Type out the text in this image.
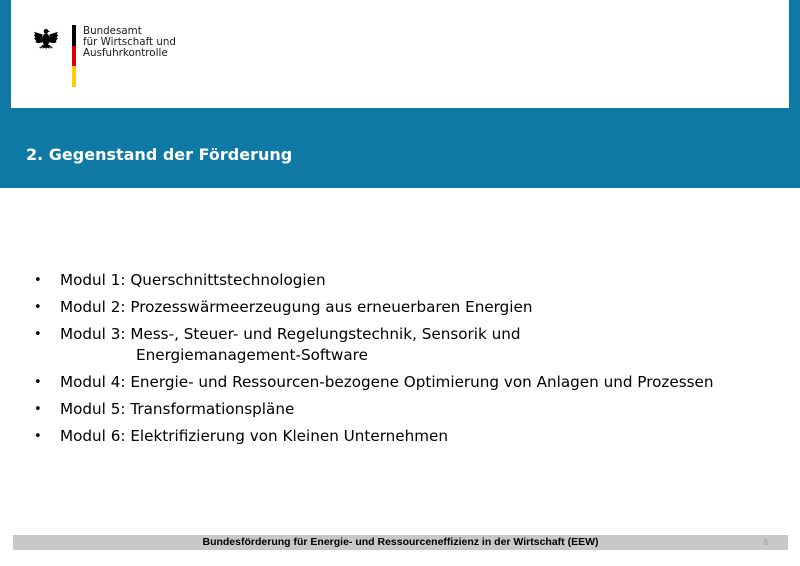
Bundesamt
für Wirtschaft und
Ausfuhrkontrolle
2. Gegenstand der Förderung
• Modul 1: Querschnittstechnologien
• Modul 2: Prozesswärmeerzeugung aus erneuerbaren Energien
• Modul 3: Mess-, Steuer- und Regelungstechnik, Sensorik und
Energiemanagement-Software
• Modul 4: Energie- und Ressourcen-bezogene Optimierung von Anlagen und Prozessen
• Modul 5: Transformationspläne
• Modul 6: Elektrifizierung von Kleinen Unternehmen
Bundesförderung für Energie- und Ressourceneffizienz in der Wirtschaft (EEW)	8
